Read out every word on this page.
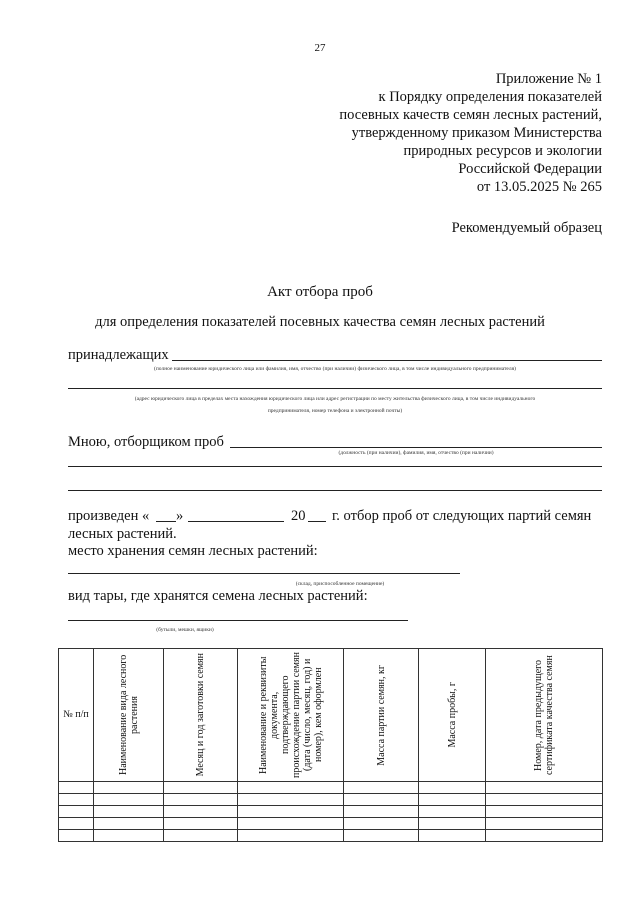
27
Приложение № 1
к Порядку определения показателей
посевных качеств семян лесных растений,
утвержденному приказом Министерства
природных ресурсов и экологии
Российской Федерации
от 13.05.2025 № 265
Рекомендуемый образец
Акт отбора проб
для определения показателей посевных качества семян лесных растений
принадлежащих
(полное наименование юридического лица или фамилия, имя, отчество (при наличии) физического лица, в том числе индивидуального предпринимателя)
(адрес юридического лица в пределах места нахождения юридического лица или адрес регистрации по месту жительства физического лица, в том числе индивидуального
предпринимателя, номер телефона и электронной почты)
Мною, отборщиком проб
(должность (при наличии), фамилия, имя, отчество (при наличии)
произведен « »	20 г. отбор проб от следующих партий семян
лесных растений.
место хранения семян лесных растений:
(склад, приспособленное помещение)
вид тары, где хранятся семена лесных растений:
(бутыли, мешки, ящики)
№ п/п	Наименование вида лесного растения	Месяц и год заготовки семян	Наименование и реквизиты документа, подтверждающего происхождение партии семян (дата (число, месяц, год) и номер), кем оформлен	Масса партии семян, кг	Масса пробы, г	Номер, дата предыдущего сертификата качества семян
